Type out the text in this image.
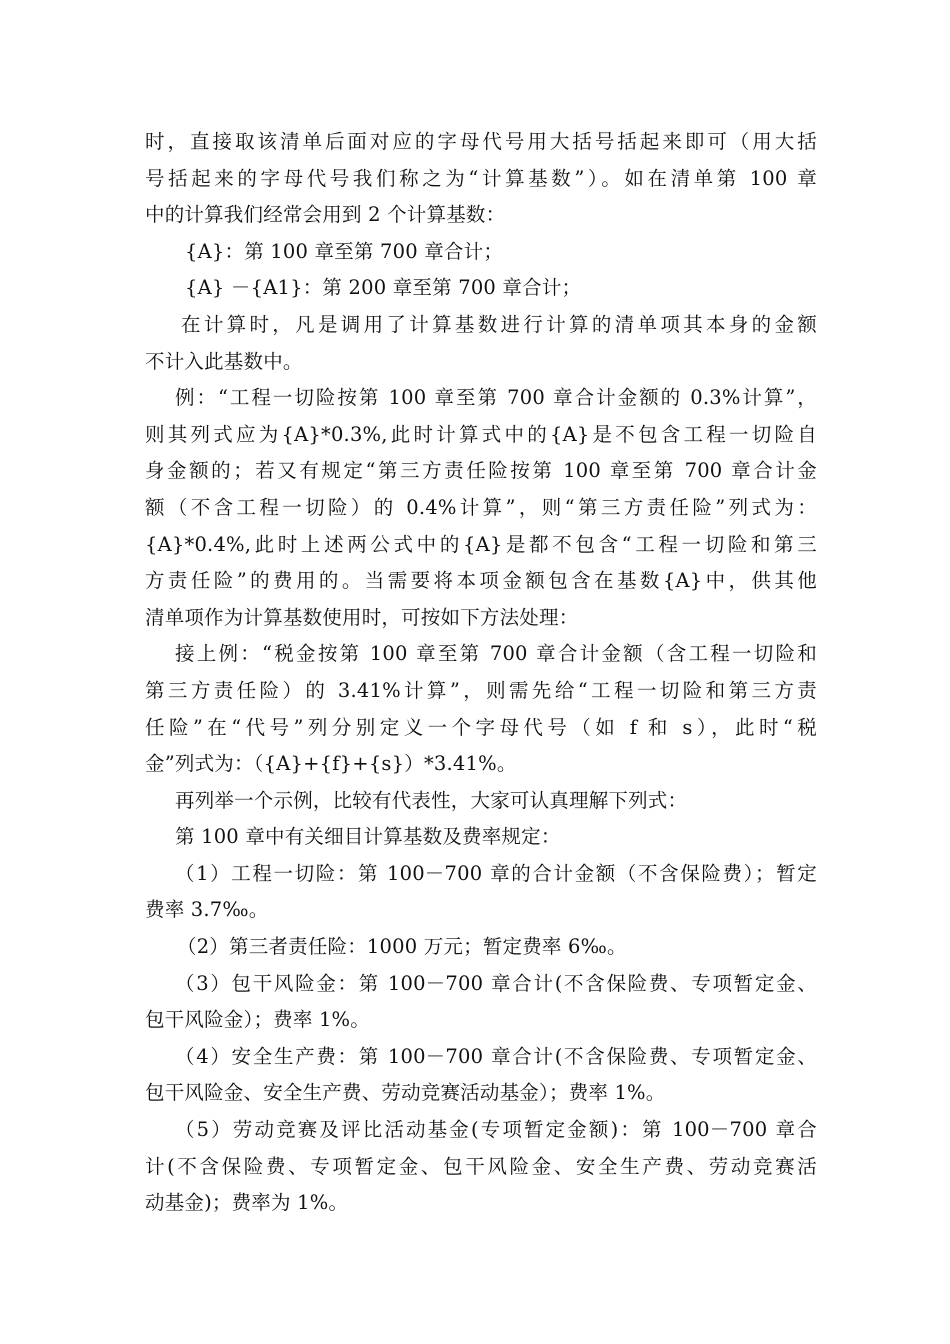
时，直接取该清单后面对应的字母代号用大括号括起来即可（用大括
号括起来的字母代号我们称之为“计算基数”）。如在清单第 100 章
中的计算我们经常会用到 2 个计算基数：
{A}：第 100 章至第 700 章合计；
{A} －{A1}：第 200 章至第 700 章合计；
在计算时，凡是调用了计算基数进行计算的清单项其本身的金额
不计入此基数中。
例：“工程一切险按第 100 章至第 700 章合计金额的 0.3%计算”，
则其列式应为{A}*0.3%,此时计算式中的{A}是不包含工程一切险自
身金额的；若又有规定“第三方责任险按第 100 章至第 700 章合计金
额（不含工程一切险）的 0.4%计算”，则“第三方责任险”列式为：
{A}*0.4%,此时上述两公式中的{A}是都不包含“工程一切险和第三
方责任险”的费用的。当需要将本项金额包含在基数{A}中，供其他
清单项作为计算基数使用时，可按如下方法处理：
接上例：“税金按第 100 章至第 700 章合计金额（含工程一切险和
第三方责任险）的 3.41%计算”，则需先给“工程一切险和第三方责
任险”在“代号”列分别定义一个字母代号（如 f 和 s），此时“税
金”列式为：（{A}+{f}+{s}）*3.41%。
再列举一个示例，比较有代表性，大家可认真理解下列式：
第 100 章中有关细目计算基数及费率规定：
（1）工程一切险：第 100－700 章的合计金额（不含保险费）；暂定
费率 3.7‰。
（2）第三者责任险：1000 万元；暂定费率 6‰。
（3）包干风险金：第 100－700 章合计(不含保险费、专项暂定金、
包干风险金）；费率 1%。
（4）安全生产费：第 100－700 章合计(不含保险费、专项暂定金、
包干风险金、安全生产费、劳动竞赛活动基金）；费率 1%。
（5）劳动竞赛及评比活动基金(专项暂定金额)：第 100－700 章合
计(不含保险费、专项暂定金、包干风险金、安全生产费、劳动竞赛活
动基金)；费率为 1%。
